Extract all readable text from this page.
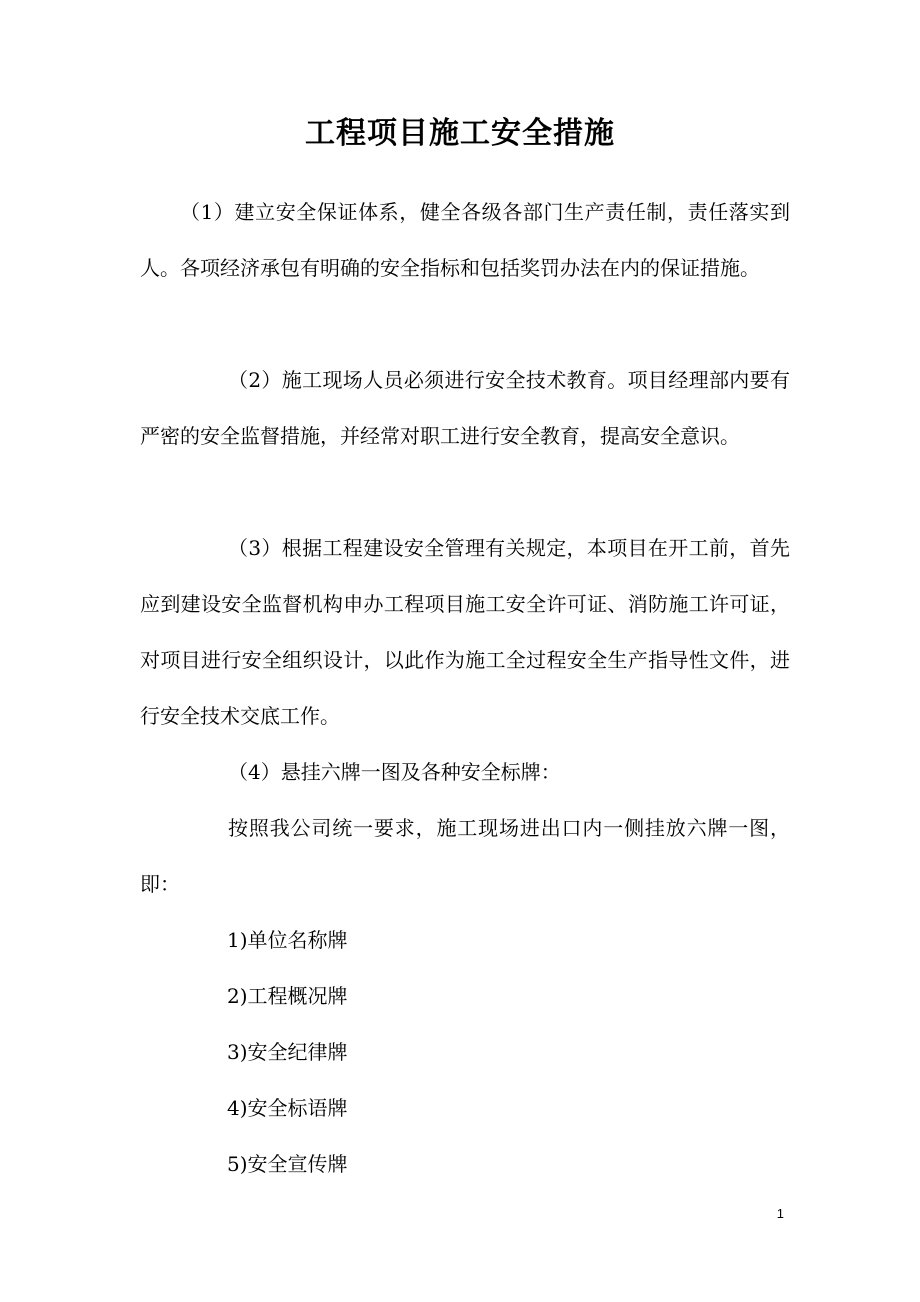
工程项目施工安全措施
（1）建立安全保证体系，健全各级各部门生产责任制，责任落实到人。各项经济承包有明确的安全指标和包括奖罚办法在内的保证措施。
（2）施工现场人员必须进行安全技术教育。项目经理部内要有严密的安全监督措施，并经常对职工进行安全教育，提高安全意识。
（3）根据工程建设安全管理有关规定，本项目在开工前，首先应到建设安全监督机构申办工程项目施工安全许可证、消防施工许可证，对项目进行安全组织设计，以此作为施工全过程安全生产指导性文件，进行安全技术交底工作。
（4）悬挂六牌一图及各种安全标牌：
按照我公司统一要求，施工现场进出口内一侧挂放六牌一图，即：
1)单位名称牌
2)工程概况牌
3)安全纪律牌
4)安全标语牌
5)安全宣传牌
1
